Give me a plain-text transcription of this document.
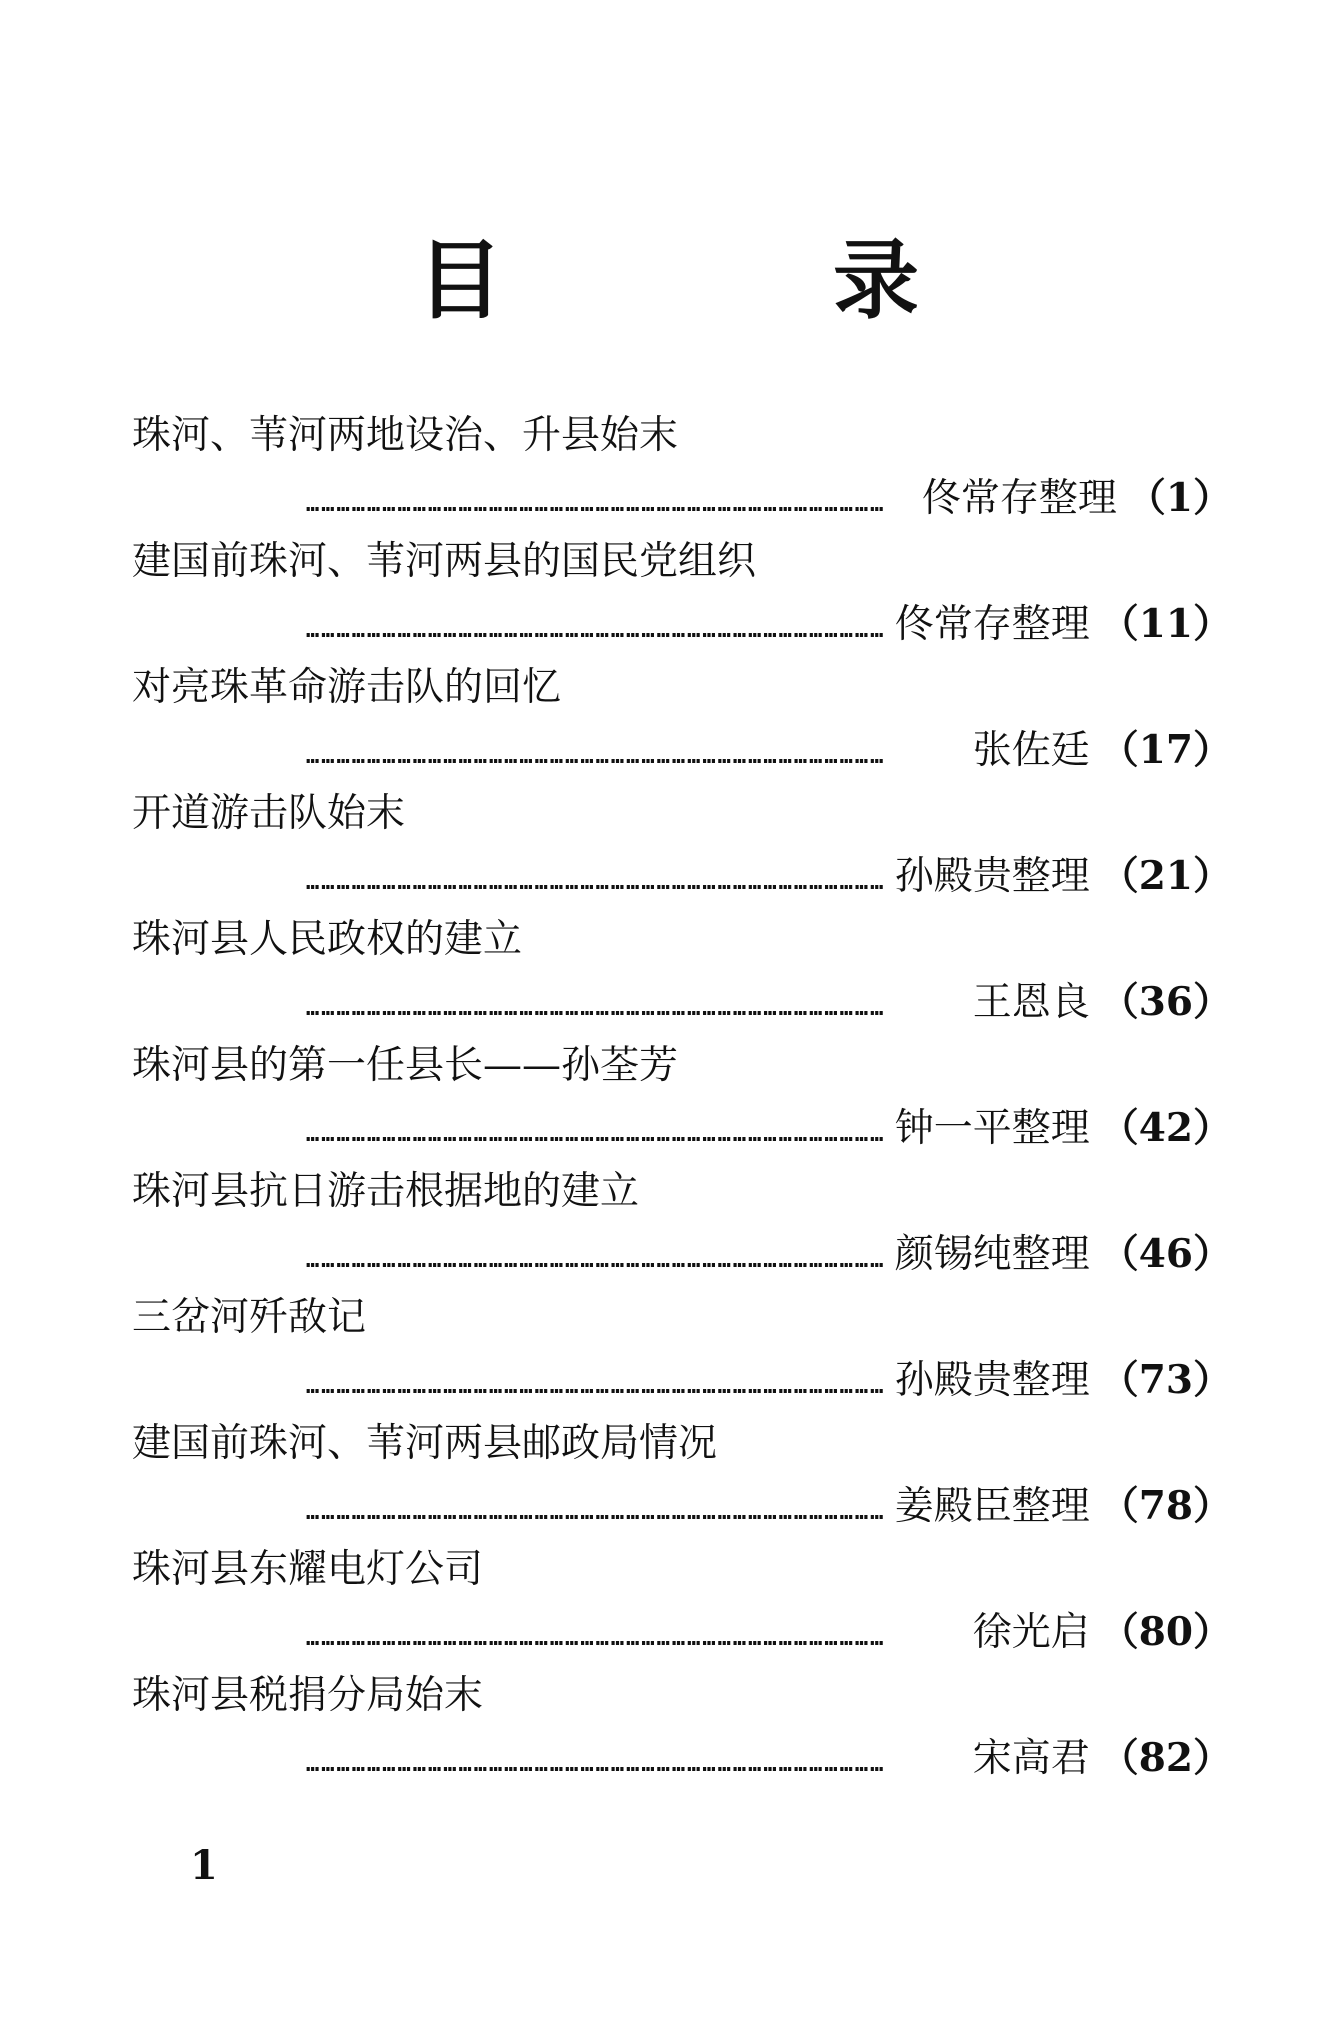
目 录
珠河、苇河两地设治、升县始末
…………………………………………………………………………………………………… 佟常存整理 （1）
建国前珠河、苇河两县的国民党组织
…………………………………………………………………………………………………… 佟常存整理 （11）
对亮珠革命游击队的回忆
……………………………………………………………………………………………………	张佐廷 （17）
开道游击队始末
…………………………………………………………………………………………………… 孙殿贵整理 （21）
珠河县人民政权的建立
……………………………………………………………………………………………………	王恩良 （36）
珠河县的第一任县长——孙荃芳
…………………………………………………………………………………………………… 钟一平整理 （42）
珠河县抗日游击根据地的建立
…………………………………………………………………………………………………… 颜锡纯整理 （46）
三岔河歼敌记
…………………………………………………………………………………………………… 孙殿贵整理 （73）
建国前珠河、苇河两县邮政局情况
…………………………………………………………………………………………………… 姜殿臣整理 （78）
珠河县东耀电灯公司
……………………………………………………………………………………………………	徐光启 （80）
珠河县税捐分局始末
……………………………………………………………………………………………………	宋高君 （82）
1
